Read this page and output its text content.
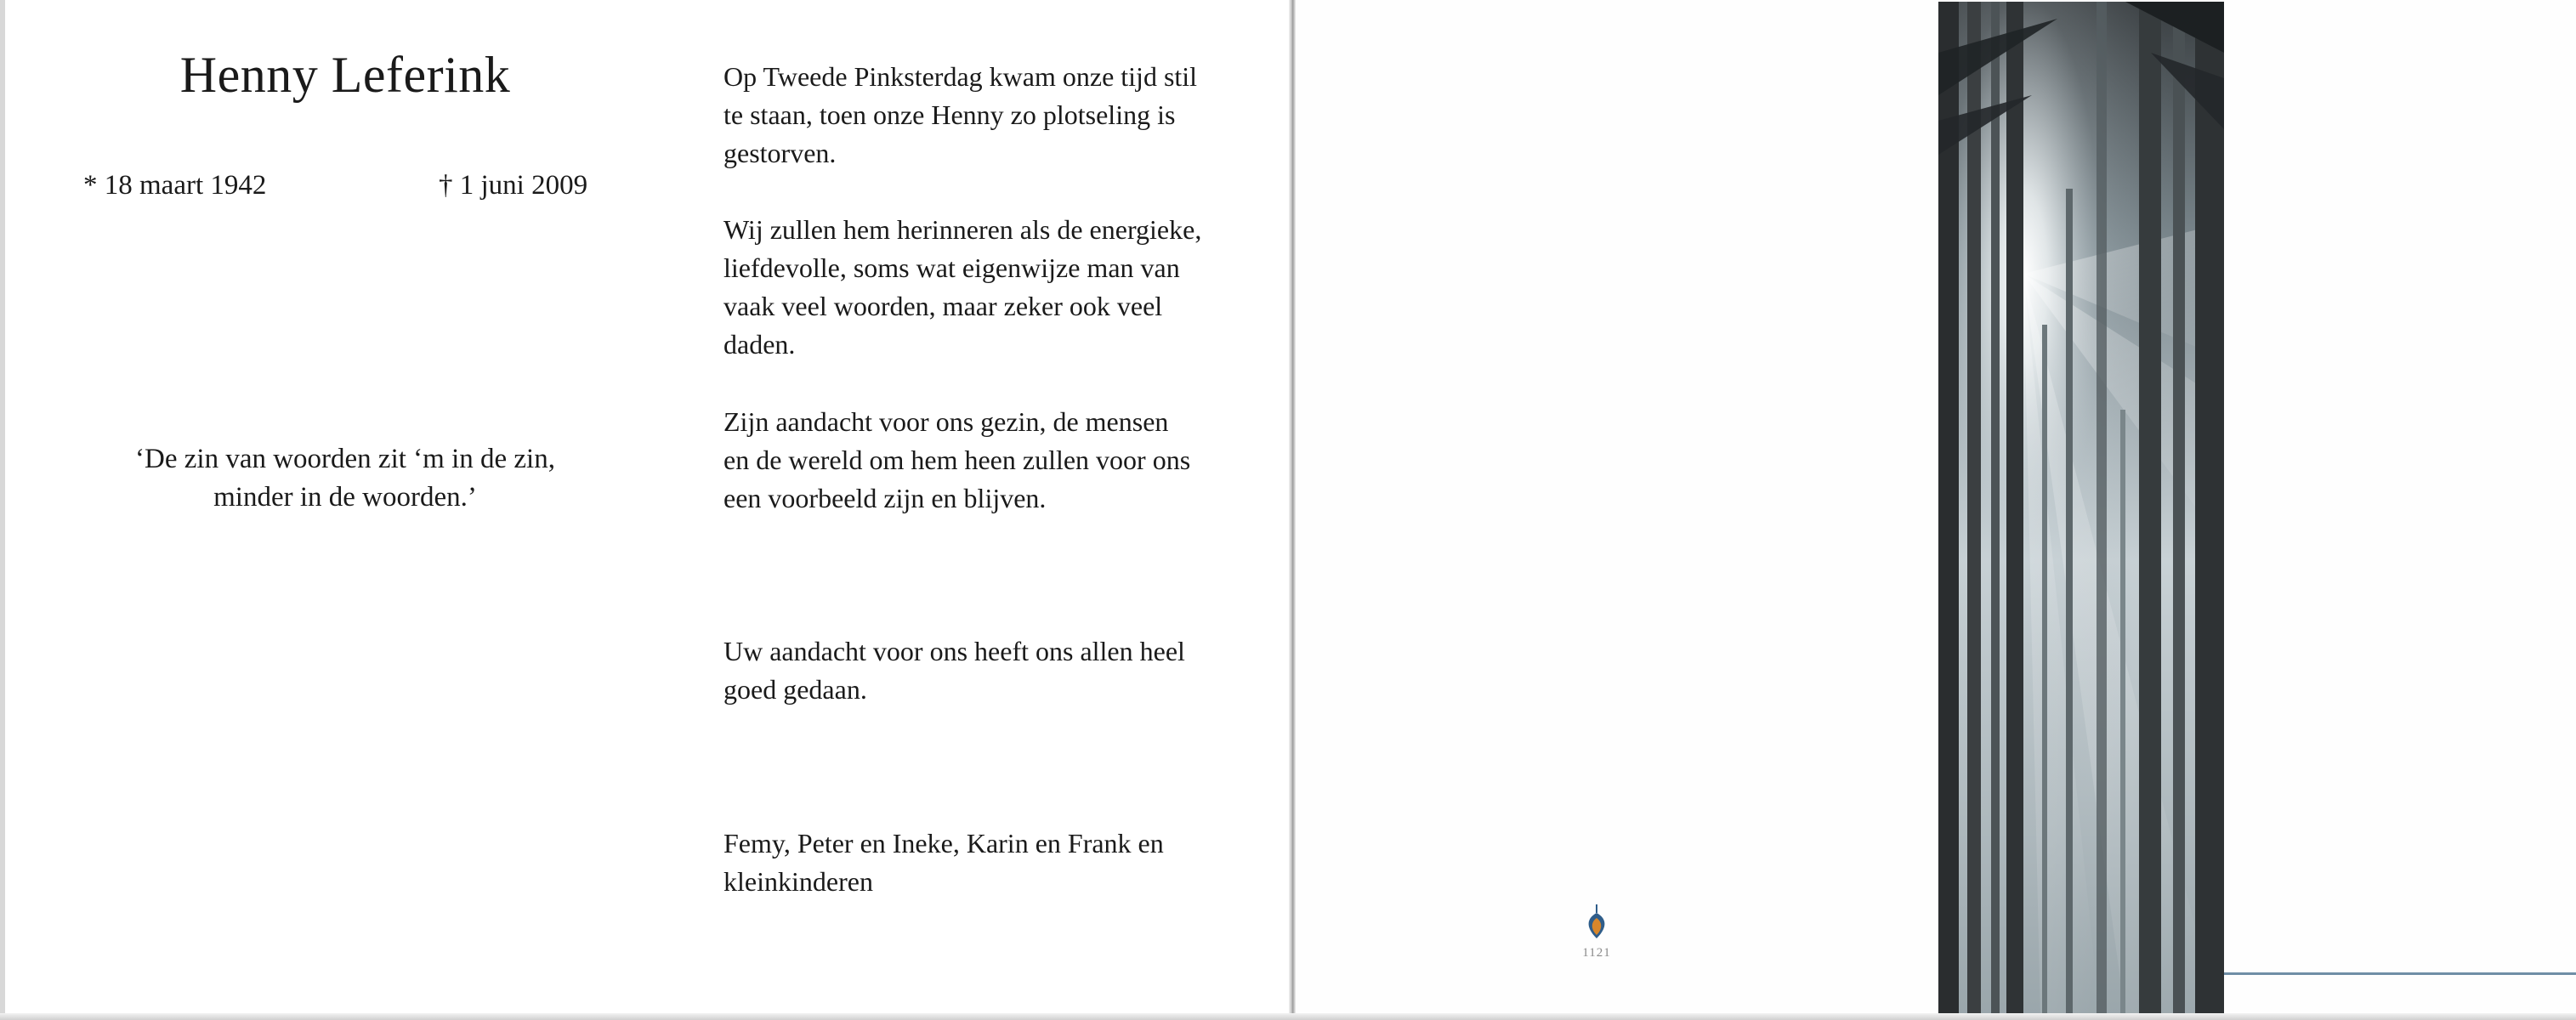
Henny Leferink
* 18 maart 1942	† 1 juni 2009
‘De zin van woorden zit ‘m in de zin,
minder in de woorden.’
Op Tweede Pinksterdag kwam onze tijd stil
te staan, toen onze Henny zo plotseling is
gestorven.
Wij zullen hem herinneren als de energieke,
liefdevolle, soms wat eigenwijze man van
vaak veel woorden, maar zeker ook veel
daden.
Zijn aandacht voor ons gezin, de mensen
en de wereld om hem heen zullen voor ons
een voorbeeld zijn en blijven.
Uw aandacht voor ons heeft ons allen heel
goed gedaan.
Femy, Peter en Ineke, Karin en Frank en
kleinkinderen
1121
